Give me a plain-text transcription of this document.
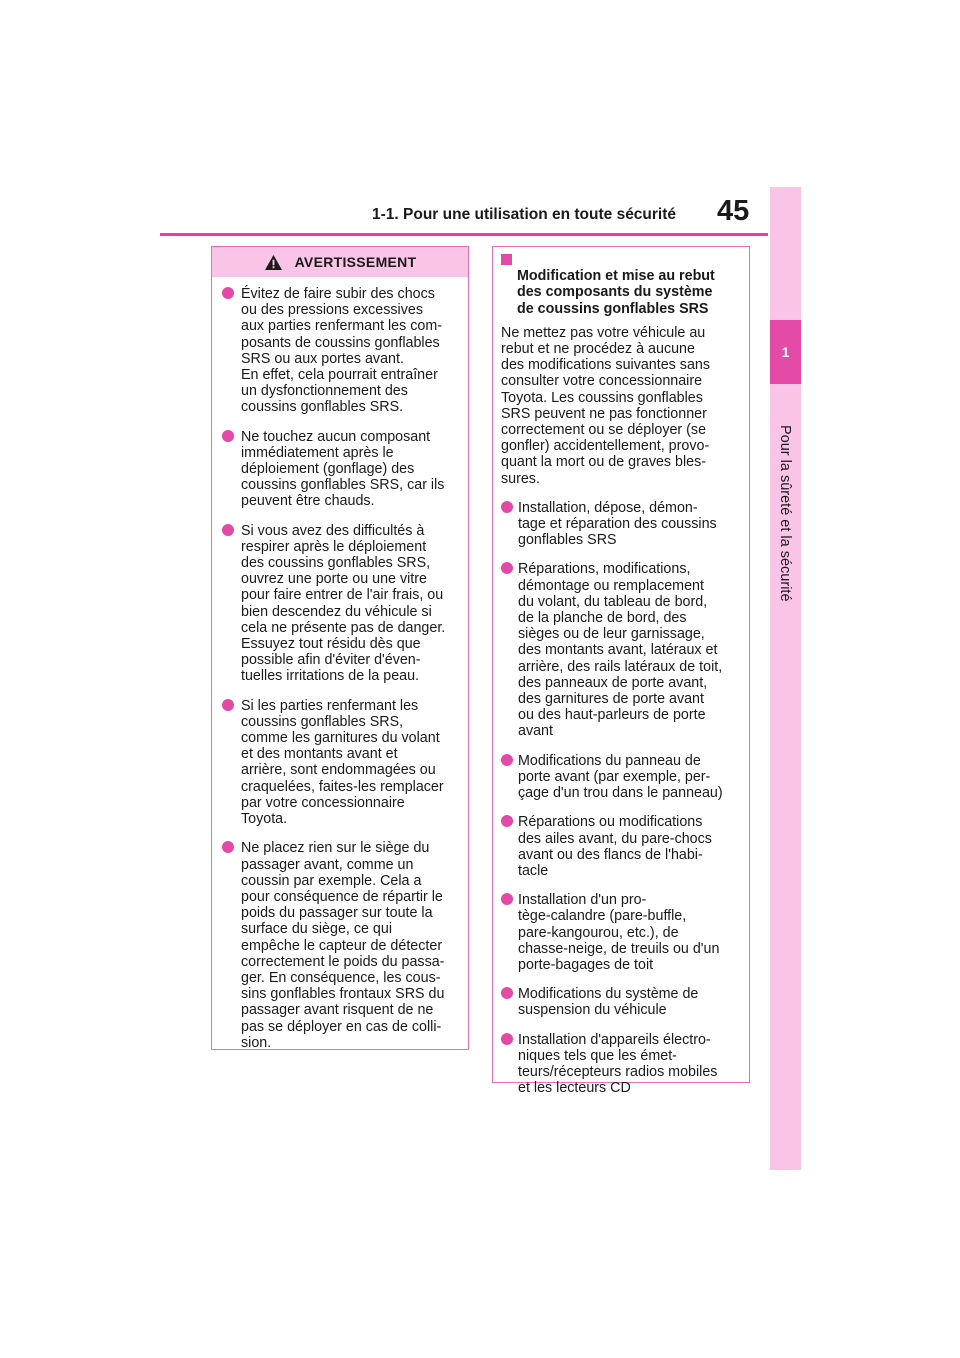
1-1. Pour une utilisation en toute sécurité 45
1
Pour la sûreté et la sécurité
AVERTISSEMENT
Évitez de faire subir des chocs
ou des pressions excessives
aux parties renfermant les com-
posants de coussins gonflables
SRS ou aux portes avant.
En effet, cela pourrait entraîner
un dysfonctionnement des
coussins gonflables SRS.
Ne touchez aucun composant
immédiatement après le
déploiement (gonflage) des
coussins gonflables SRS, car ils
peuvent être chauds.
Si vous avez des difficultés à
respirer après le déploiement
des coussins gonflables SRS,
ouvrez une porte ou une vitre
pour faire entrer de l'air frais, ou
bien descendez du véhicule si
cela ne présente pas de danger.
Essuyez tout résidu dès que
possible afin d'éviter d'éven-
tuelles irritations de la peau.
Si les parties renfermant les
coussins gonflables SRS,
comme les garnitures du volant
et des montants avant et
arrière, sont endommagées ou
craquelées, faites-les remplacer
par votre concessionnaire
Toyota.
Ne placez rien sur le siège du
passager avant, comme un
coussin par exemple. Cela a
pour conséquence de répartir le
poids du passager sur toute la
surface du siège, ce qui
empêche le capteur de détecter
correctement le poids du passa-
ger. En conséquence, les cous-
sins gonflables frontaux SRS du
passager avant risquent de ne
pas se déployer en cas de colli-
sion.

Modification et mise au rebut
des composants du système
de coussins gonflables SRS

Ne mettez pas votre véhicule au
rebut et ne procédez à aucune
des modifications suivantes sans
consulter votre concessionnaire
Toyota. Les coussins gonflables
SRS peuvent ne pas fonctionner
correctement ou se déployer (se
gonfler) accidentellement, provo-
quant la mort ou de graves bles-
sures.
Installation, dépose, démon-
tage et réparation des coussins
gonflables SRS
Réparations, modifications,
démontage ou remplacement
du volant, du tableau de bord,
de la planche de bord, des
sièges ou de leur garnissage,
des montants avant, latéraux et
arrière, des rails latéraux de toit,
des panneaux de porte avant,
des garnitures de porte avant
ou des haut-parleurs de porte
avant
Modifications du panneau de
porte avant (par exemple, per-
çage d'un trou dans le panneau)
Réparations ou modifications
des ailes avant, du pare-chocs
avant ou des flancs de l'habi-
tacle
Installation d'un pro-
tège-calandre (pare-buffle,
pare-kangourou, etc.), de
chasse-neige, de treuils ou d'un
porte-bagages de toit
Modifications du système de
suspension du véhicule
Installation d'appareils électro-
niques tels que les émet-
teurs/récepteurs radios mobiles
et les lecteurs CD
